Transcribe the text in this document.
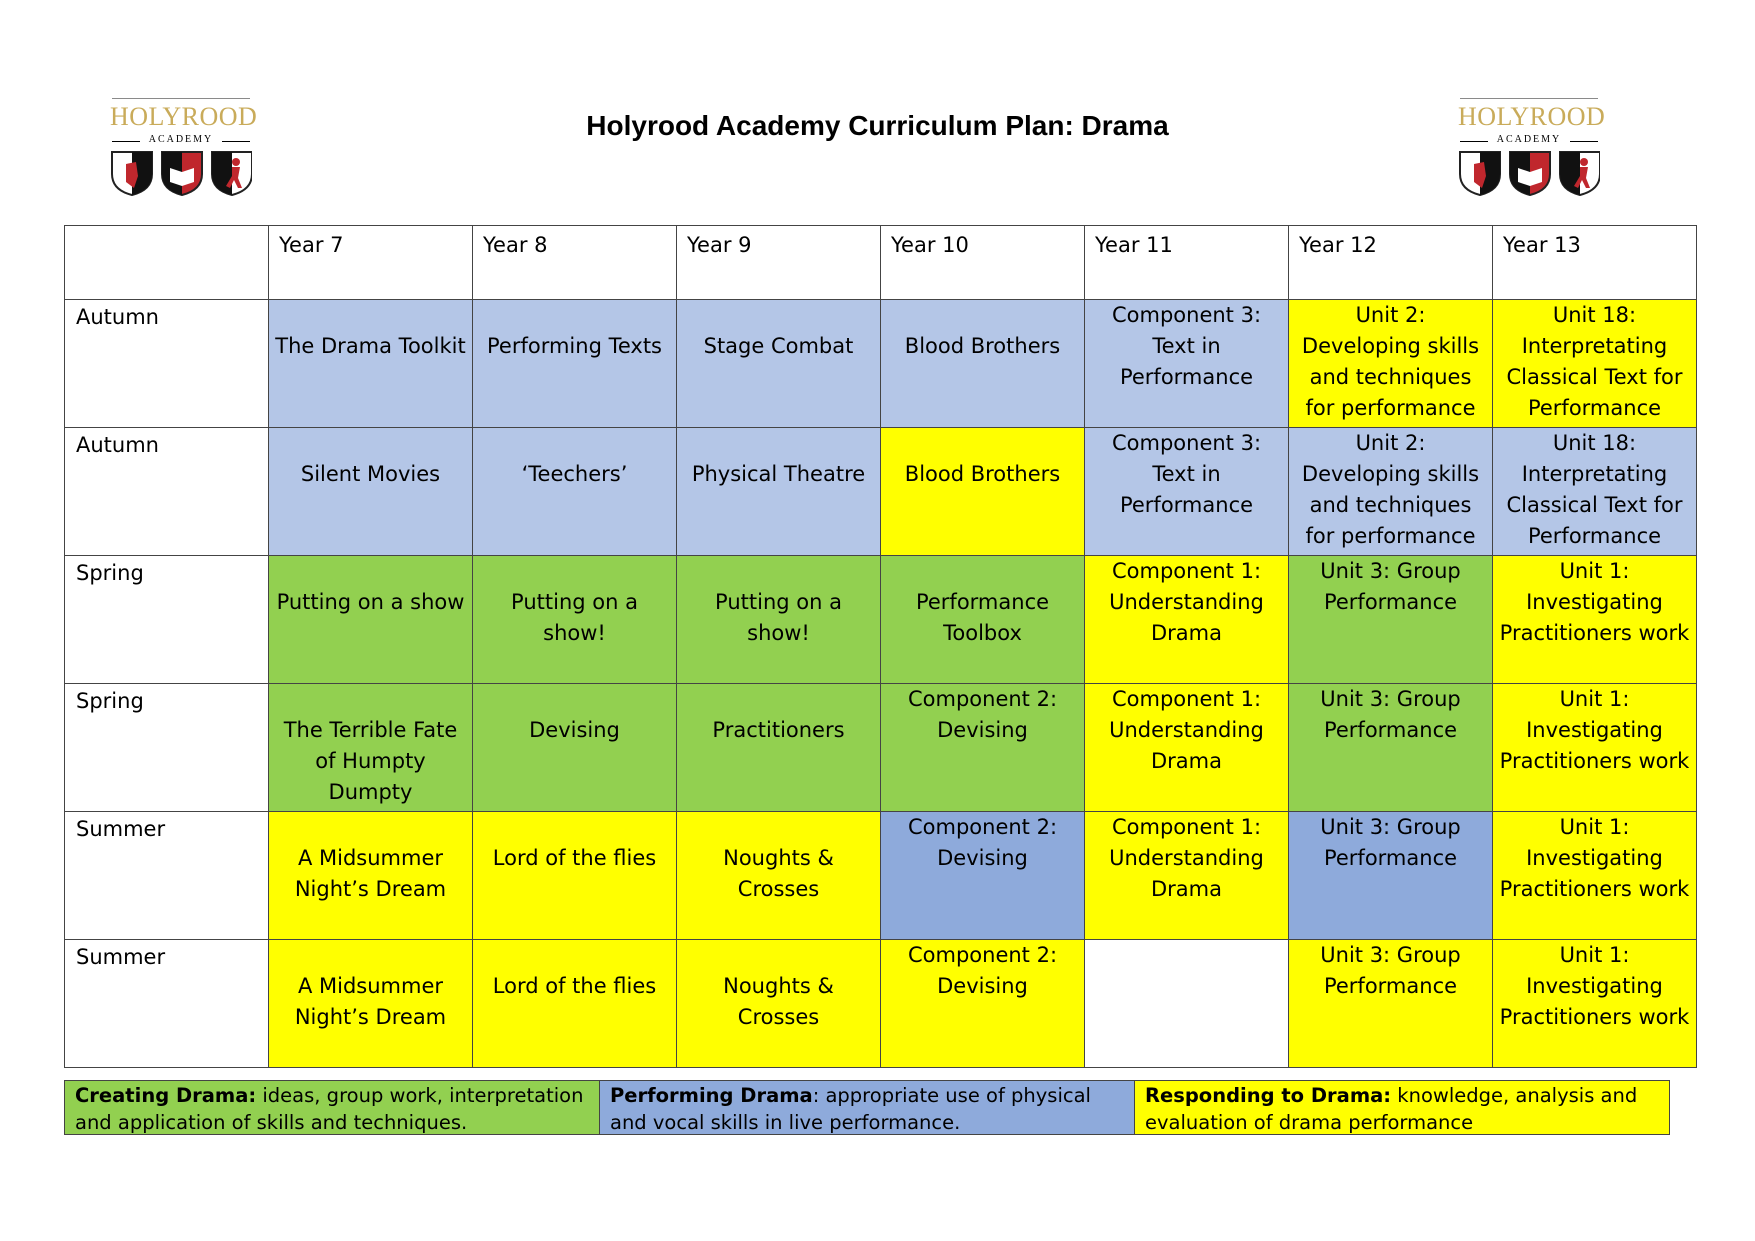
HOLYROOD
ACADEMY
HOLYROOD
ACADEMY
Holyrood Academy Curriculum Plan: Drama
	Year 7	Year 8	Year 9	Year 10	Year 11	Year 12	Year 13
Autumn	The Drama Toolkit	Performing Texts	Stage Combat	Blood Brothers	Component 3: Text in Performance	Unit 2: Developing skills and techniques for performance	Unit 18: Interpretating Classical Text for Performance

Autumn	Silent Movies	‘Teechers’	Physical Theatre	Blood Brothers	Component 3: Text in Performance	Unit 2: Developing skills and techniques for performance	Unit 18: Interpretating Classical Text for Performance

Spring	Putting on a show	Putting on a show!	Putting on a show!	Performance Toolbox	Component 1: Understanding Drama	Unit 3: Group Performance	Unit 1: Investigating Practitioners work

Spring	The Terrible Fate of Humpty Dumpty	Devising	Practitioners	Component 2: Devising	Component 1: Understanding Drama	Unit 3: Group Performance	Unit 1: Investigating Practitioners work

Summer	A Midsummer Night’s Dream	Lord of the flies	Noughts & Crosses	Component 2: Devising	Component 1: Understanding Drama	Unit 3: Group Performance	Unit 1: Investigating Practitioners work

Summer	A Midsummer Night’s Dream	Lord of the flies	Noughts & Crosses	Component 2: Devising		Unit 3: Group Performance	Unit 1: Investigating Practitioners work
Creating Drama: ideas, group work, interpretation and application of skills and techniques.
Performing Drama: appropriate use of physical and vocal skills in live performance.
Responding to Drama: knowledge, analysis and evaluation of drama performance
